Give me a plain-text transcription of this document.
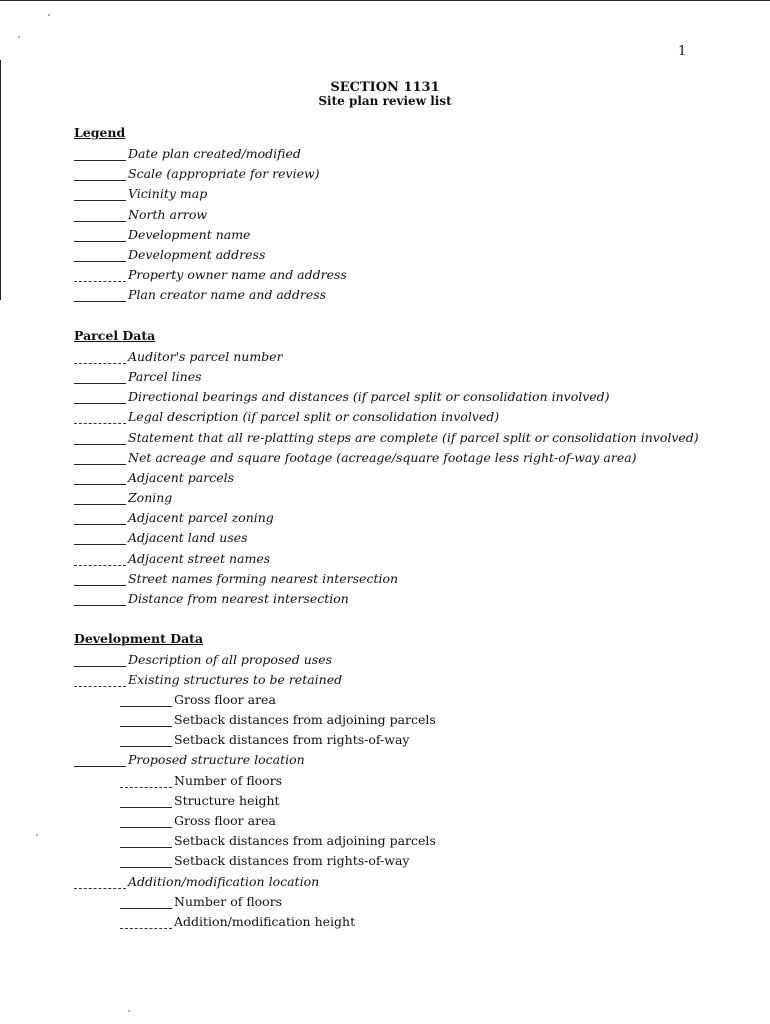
1
SECTION 1131
Site plan review list
Legend
Date plan created/modified
Scale (appropriate for review)
Vicinity map
North arrow
Development name
Development address
Property owner name and address
Plan creator name and address
Parcel Data
Auditor's parcel number
Parcel lines
Directional bearings and distances (if parcel split or consolidation involved)
Legal description (if parcel split or consolidation involved)
Statement that all re-platting steps are complete (if parcel split or consolidation involved)
Net acreage and square footage (acreage/square footage less right-of-way area)
Adjacent parcels
Zoning
Adjacent parcel zoning
Adjacent land uses
Adjacent street names
Street names forming nearest intersection
Distance from nearest intersection
Development Data
Description of all proposed uses
Existing structures to be retained
Gross floor area
Setback distances from adjoining parcels
Setback distances from rights-of-way
Proposed structure location
Number of floors
Structure height
Gross floor area
Setback distances from adjoining parcels
Setback distances from rights-of-way
Addition/modification location
Number of floors
Addition/modification height
